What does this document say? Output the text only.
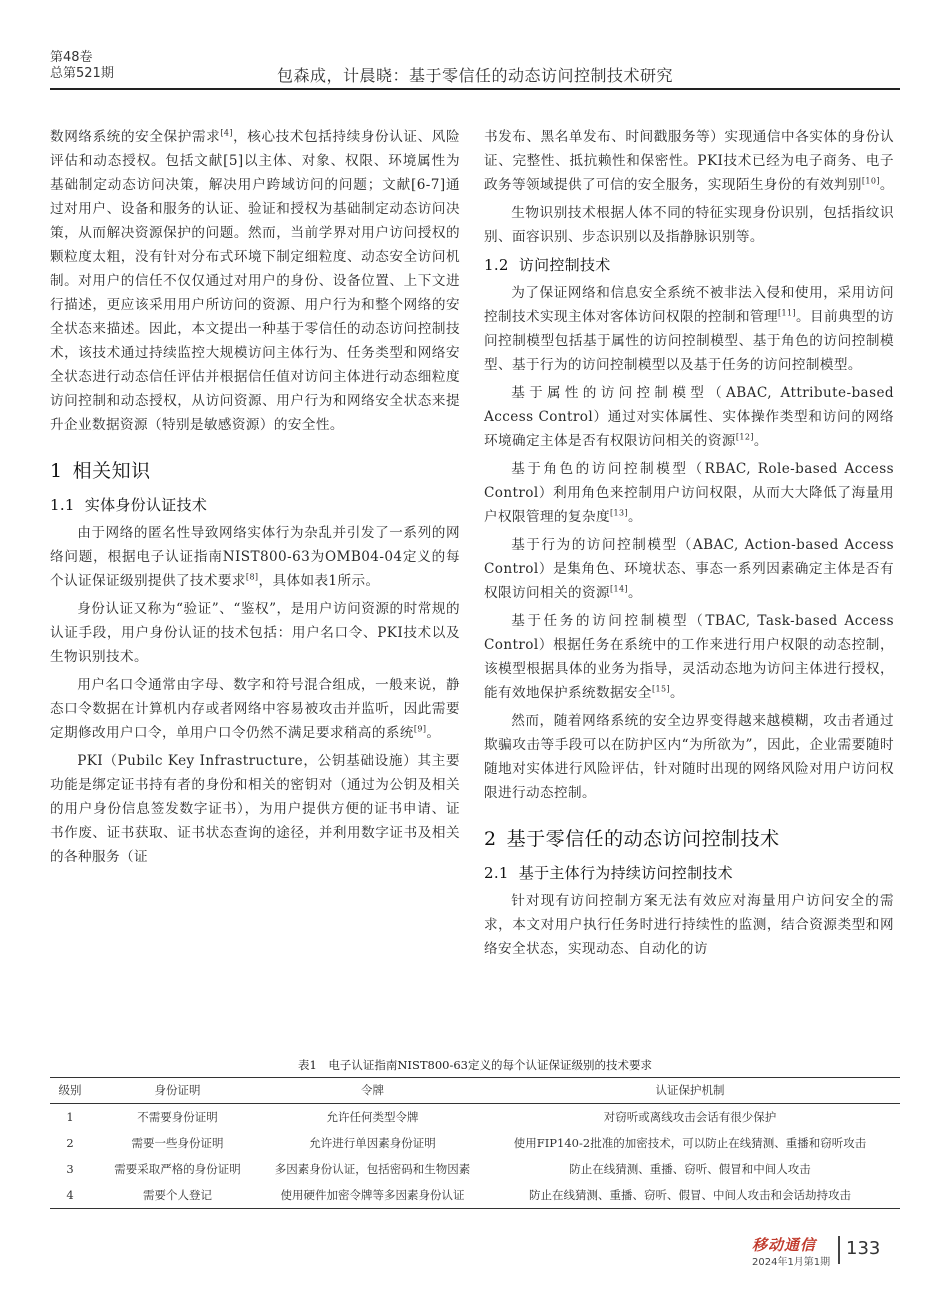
第48卷
总第521期	包森成，计晨晓：基于零信任的动态访问控制技术研究

数网络系统的安全保护需求[4]，核心技术包括持续身份认证、风险评估和动态授权。包括文献[5]以主体、对象、权限、环境属性为基础制定动态访问决策，解决用户跨域访问的问题；文献[6-7]通过对用户、设备和服务的认证、验证和授权为基础制定动态访问决策，从而解决资源保护的问题。然而，当前学界对用户访问授权的颗粒度太粗，没有针对分布式环境下制定细粒度、动态安全访问机制。对用户的信任不仅仅通过对用户的身份、设备位置、上下文进行描述，更应该采用用户所访问的资源、用户行为和整个网络的安全状态来描述。因此，本文提出一种基于零信任的动态访问控制技术，该技术通过持续监控大规模访问主体行为、任务类型和网络安全状态进行动态信任评估并根据信任值对访问主体进行动态细粒度访问控制和动态授权，从访问资源、用户行为和网络安全状态来提升企业数据资源（特别是敏感资源）的安全性。

1 相关知识
1.1 实体身份认证技术

由于网络的匿名性导致网络实体行为杂乱并引发了一系列的网络问题，根据电子认证指南NIST800-63为OMB04-04定义的每个认证保证级别提供了技术要求[8]，具体如表1所示。

身份认证又称为“验证”、“鉴权”，是用户访问资源的时常规的认证手段，用户身份认证的技术包括：用户名口令、PKI技术以及生物识别技术。

用户名口令通常由字母、数字和符号混合组成，一般来说，静态口令数据在计算机内存或者网络中容易被攻击并监听，因此需要定期修改用户口令，单用户口令仍然不满足要求稍高的系统[9]。

PKI（Pubilc Key Infrastructure，公钥基础设施）其主要功能是绑定证书持有者的身份和相关的密钥对（通过为公钥及相关的用户身份信息签发数字证书），为用户提供方便的证书申请、证书作废、证书获取、证书状态查询的途径，并利用数字证书及相关的各种服务（证

书发布、黑名单发布、时间戳服务等）实现通信中各实体的身份认证、完整性、抵抗赖性和保密性。PKI技术已经为电子商务、电子政务等领域提供了可信的安全服务，实现陌生身份的有效判别[10]。

生物识别技术根据人体不同的特征实现身份识别，包括指纹识别、面容识别、步态识别以及指静脉识别等。

1.2 访问控制技术

为了保证网络和信息安全系统不被非法入侵和使用，采用访问控制技术实现主体对客体访问权限的控制和管理[11]。目前典型的访问控制模型包括基于属性的访问控制模型、基于角色的访问控制模型、基于行为的访问控制模型以及基于任务的访问控制模型。

基于属性的访问控制模型（ABAC, Attribute-based Access Control）通过对实体属性、实体操作类型和访问的网络环境确定主体是否有权限访问相关的资源[12]。

基于角色的访问控制模型（RBAC, Role-based Access Control）利用角色来控制用户访问权限，从而大大降低了海量用户权限管理的复杂度[13]。

基于行为的访问控制模型（ABAC, Action-based Access Control）是集角色、环境状态、事态一系列因素确定主体是否有权限访问相关的资源[14]。

基于任务的访问控制模型（TBAC, Task-based Access Control）根据任务在系统中的工作来进行用户权限的动态控制，该模型根据具体的业务为指导，灵活动态地为访问主体进行授权，能有效地保护系统数据安全[15]。

然而，随着网络系统的安全边界变得越来越模糊，攻击者通过欺骗攻击等手段可以在防护区内“为所欲为”，因此，企业需要随时随地对实体进行风险评估，针对随时出现的网络风险对用户访问权限进行动态控制。

2 基于零信任的动态访问控制技术
2.1 基于主体行为持续访问控制技术

针对现有访问控制方案无法有效应对海量用户访问安全的需求，本文对用户执行任务时进行持续性的监测，结合资源类型和网络安全状态，实现动态、自动化的访

表1　电子认证指南NIST800-63定义的每个认证保证级别的技术要求
级别	身份证明	令牌	认证保护机制
1	不需要身份证明	允许任何类型令牌	对窃听或离线攻击会话有很少保护
2	需要一些身份证明	允许进行单因素身份证明	使用FIP140-2批准的加密技术，可以防止在线猜测、重播和窃听攻击
3	需要采取严格的身份证明	多因素身份认证，包括密码和生物因素	防止在线猜测、重播、窃听、假冒和中间人攻击
4	需要个人登记	使用硬件加密令牌等多因素身份认证	防止在线猜测、重播、窃听、假冒、中间人攻击和会话劫持攻击
移动通信
2024年1月第1期
133
